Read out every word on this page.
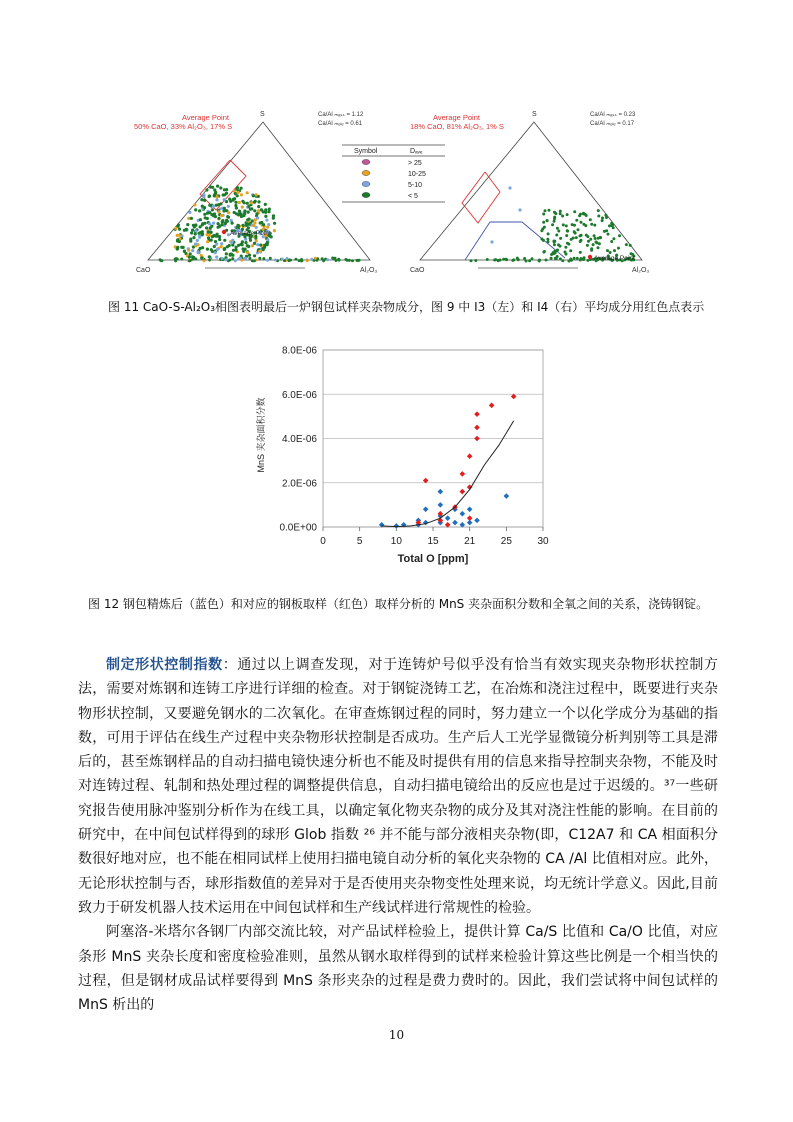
Average Point
50% CaO, 33% Al₂O₃, 17% S
Ca/Al ₘₐₛₛ = 1.12
Ca/Al ₘₒₗₑ = 0.61
S
CaO	Al₂O₃
Average Point
Symbol	Dₐᵥₑ
> 25
10-25
5-10
< 5
Average Point
18% CaO, 81% Al₂O₃, 1% S
Ca/Al ₘₐₛₛ = 0.23
Ca/Al ₘₒₗₑ = 0.17
S
CaO	Al₂O₃
Average Point
图 11 CaO-S-Al₂O₃相图表明最后一炉钢包试样夹杂物成分，图 9 中 I3（左）和 I4（右）平均成分用红色点表示
0.0E+00
2.0E-06
4.0E-06
6.0E-06
8.0E-06
0	5	10	15	21	25	30
Total O [ppm]
MnS 夹杂面积分数
图 12 钢包精炼后（蓝色）和对应的钢板取样（红色）取样分析的 MnS 夹杂面积分数和全氧之间的关系，浇铸钢锭。

制定形状控制指数：通过以上调查发现，对于连铸炉号似乎没有恰当有效实现夹杂物形状控制方法，需要对炼钢和连铸工序进行详细的检查。对于钢锭浇铸工艺，在冶炼和浇注过程中，既要进行夹杂物形状控制，又要避免钢水的二次氧化。在审查炼钢过程的同时，努力建立一个以化学成分为基础的指数，可用于评估在线生产过程中夹杂物形状控制是否成功。生产后人工光学显微镜分析判别等工具是滞后的，甚至炼钢样品的自动扫描电镜快速分析也不能及时提供有用的信息来指导控制夹杂物，不能及时对连铸过程、轧制和热处理过程的调整提供信息，自动扫描电镜给出的反应也是过于迟缓的。³⁷一些研究报告使用脉冲鉴别分析作为在线工具，以确定氧化物夹杂物的成分及其对浇注性能的影响。在目前的研究中，在中间包试样得到的球形 Glob 指数 ²⁶ 并不能与部分液相夹杂物(即，C12A7 和 CA 相面积分数很好地对应，也不能在相同试样上使用扫描电镜自动分析的氧化夹杂物的 CA /Al 比值相对应。此外，无论形状控制与否，球形指数值的差异对于是否使用夹杂物变性处理来说，均无统计学意义。因此,目前致力于研发机器人技术运用在中间包试样和生产线试样进行常规性的检验。

阿塞洛-米塔尔各钢厂内部交流比较，对产品试样检验上，提供计算 Ca/S 比值和 Ca/O 比值，对应条形 MnS 夹杂长度和密度检验准则，虽然从钢水取样得到的试样来检验计算这些比例是一个相当快的过程，但是钢材成品试样要得到 MnS 条形夹杂的过程是费力费时的。因此，我们尝试将中间包试样的 MnS 析出的

10
